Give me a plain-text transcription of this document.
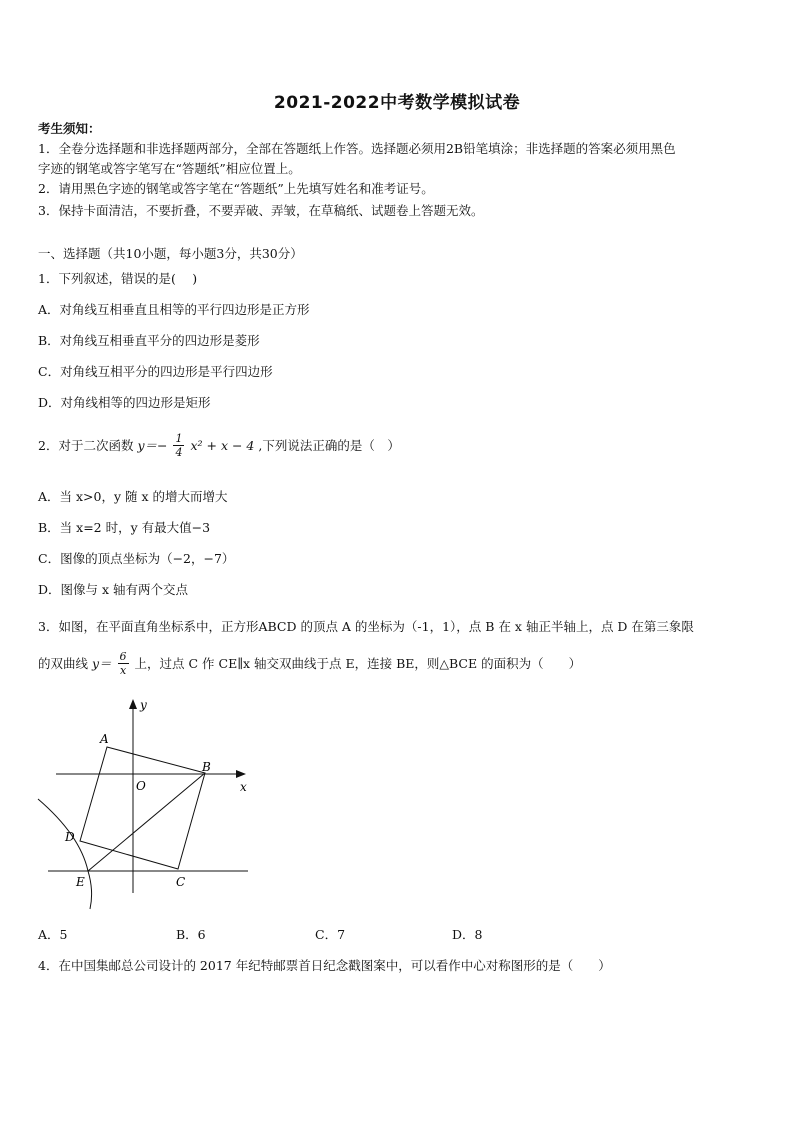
2021-2022中考数学模拟试卷
考生须知：
1．全卷分选择题和非选择题两部分，全部在答题纸上作答。选择题必须用2B铅笔填涂；非选择题的答案必须用黑色
字迹的钢笔或答字笔写在“答题纸”相应位置上。
2．请用黑色字迹的钢笔或答字笔在“答题纸”上先填写姓名和准考证号。
3．保持卡面清洁，不要折叠，不要弄破、弄皱，在草稿纸、试题卷上答题无效。
一、选择题（共10小题，每小题3分，共30分）
1．下列叙述，错误的是(　 )
A．对角线互相垂直且相等的平行四边形是正方形
B．对角线互相垂直平分的四边形是菱形
C．对角线互相平分的四边形是平行四边形
D．对角线相等的四边形是矩形
2．对于二次函数 $y=- \frac{1}{4} x^2 + x - 4$ ,下列说法正确的是（　）
A．当 x>0，y 随 x 的增大而增大
B．当 x=2 时，y 有最大值−3
C．图像的顶点坐标为（−2，−7）
D．图像与 x 轴有两个交点
3．如图，在平面直角坐标系中，正方形ABCD 的顶点 A 的坐标为（-1，1），点 B 在 x 轴正半轴上，点 D 在第三象限
的双曲线 $y= \frac{6}{x}$ 上，过点 C 作 CE∥x 轴交双曲线于点 E，连接 BE，则△BCE 的面积为（　　）
y
x
O
A
B
C
D
E
A．5	B．6	C．7	D．8
4．在中国集邮总公司设计的 2017 年纪特邮票首日纪念戳图案中，可以看作中心对称图形的是（　　）
